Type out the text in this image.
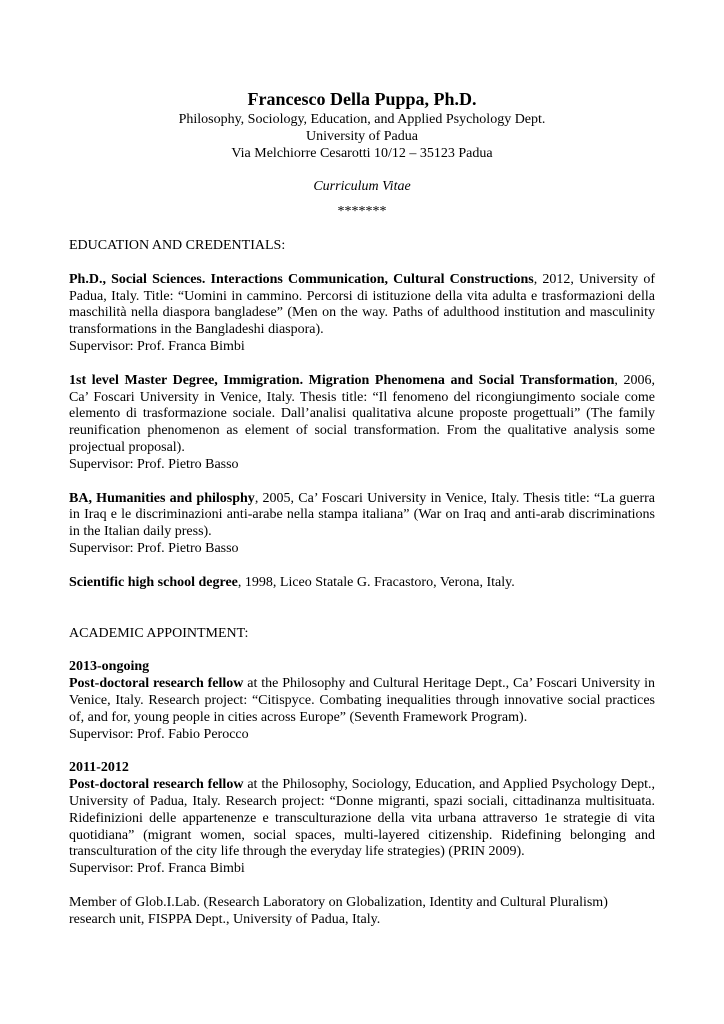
Francesco Della Puppa, Ph.D.
Philosophy, Sociology, Education, and Applied Psychology Dept.
University of Padua
Via Melchiorre Cesarotti 10/12 – 35123 Padua
Curriculum Vitae
*******

EDUCATION AND CREDENTIALS:

Ph.D., Social Sciences. Interactions Communication, Cultural Constructions, 2012, University of Padua, Italy. Title: “Uomini in cammino. Percorsi di istituzione della vita adulta e trasformazioni della maschilità nella diaspora bangladese” (Men on the way. Paths of adulthood institution and masculinity transformations in the Bangladeshi diaspora).
Supervisor: Prof. Franca Bimbi
1st level Master Degree, Immigration. Migration Phenomena and Social Transformation, 2006, Ca’ Foscari University in Venice, Italy. Thesis title: “Il fenomeno del ricongiungimento sociale come elemento di trasformazione sociale. Dall’analisi qualitativa alcune proposte progettuali” (The family reunification phenomenon as element of social transformation. From the qualitative analysis some projectual proposal).
Supervisor: Prof. Pietro Basso
BA, Humanities and philosphy, 2005, Ca’ Foscari University in Venice, Italy. Thesis title: “La guerra in Iraq e le discriminazioni anti-arabe nella stampa italiana” (War on Iraq and anti-arab discriminations in the Italian daily press).
Supervisor: Prof. Pietro Basso
Scientific high school degree, 1998, Liceo Statale G. Fracastoro, Verona, Italy.

ACADEMIC APPOINTMENT:

2013-ongoing
Post-doctoral research fellow at the Philosophy and Cultural Heritage Dept., Ca’ Foscari University in Venice, Italy. Research project: “Citispyce. Combating inequalities through innovative social practices of, and for, young people in cities across Europe” (Seventh Framework Program).
Supervisor: Prof. Fabio Perocco
2011-2012
Post-doctoral research fellow at the Philosophy, Sociology, Education, and Applied Psychology Dept., University of Padua, Italy. Research project: “Donne migranti, spazi sociali, cittadinanza multisituata. Ridefinizioni delle appartenenze e transculturazione della vita urbana attraverso 1e strategie di vita quotidiana” (migrant women, social spaces, multi-layered citizenship. Ridefining belonging and transculturation of the city life through the everyday life strategies) (PRIN 2009).
Supervisor: Prof. Franca Bimbi

Member of Glob.I.Lab. (Research Laboratory on Globalization, Identity and Cultural Pluralism) research unit, FISPPA Dept., University of Padua, Italy.
